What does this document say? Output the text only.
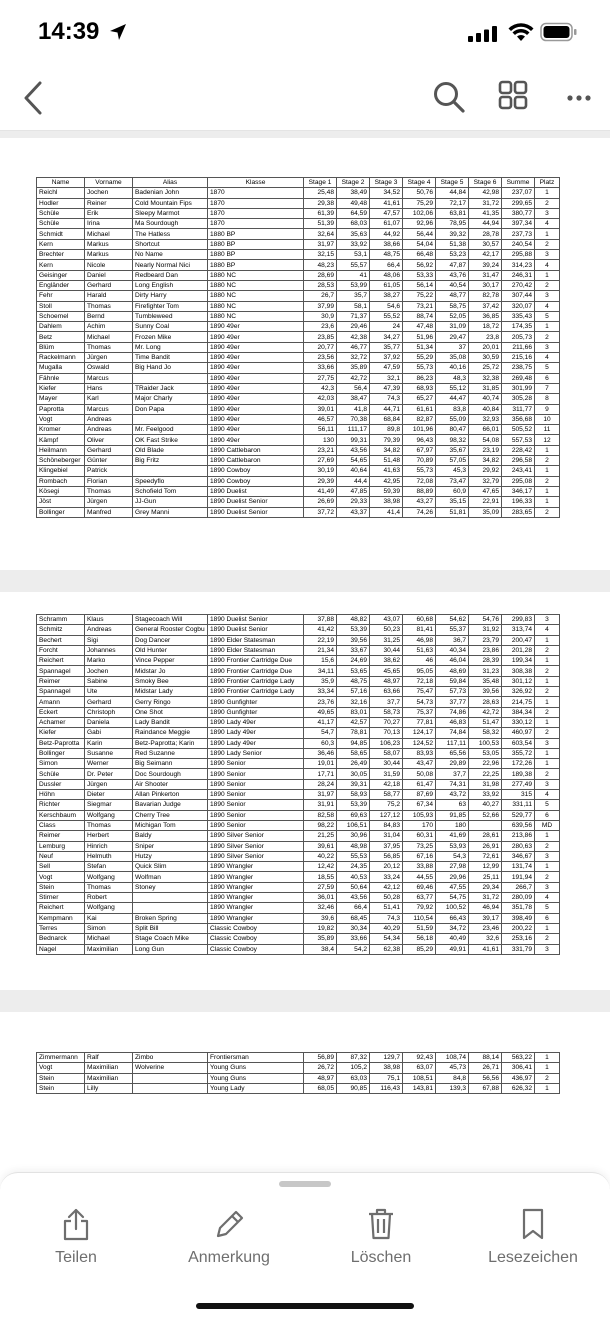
14:39
Name	Vorname	Alias	Klasse	Stage 1	Stage 2	Stage 3	Stage 4	Stage 5	Stage 6	Summe	Platz
Reichl	Jochen	Badenian John	1870	25,48	38,49	34,52	50,76	44,84	42,98	237,07	1
Hodler	Reiner	Cold Mountain Fips	1870	29,38	49,48	41,61	75,29	72,17	31,72	299,65	2
Schüle	Erik	Sleepy Marmot	1870	61,39	64,59	47,57	102,06	63,81	41,35	380,77	3
Schüle	Irina	Ma Sourdough	1870	51,39	68,03	61,07	92,96	78,95	44,94	397,34	4
Schmidt	Michael	The Hatless	1880 BP	32,64	35,63	44,92	56,44	39,32	28,78	237,73	1
Kern	Markus	Shortcut	1880 BP	31,97	33,92	38,66	54,04	51,38	30,57	240,54	2
Brechter	Markus	No Name	1880 BP	32,15	53,1	48,75	66,48	53,23	42,17	295,88	3
Kern	Nicole	Nearly Normal Nici	1880 BP	48,23	55,57	66,4	56,92	47,87	39,24	314,23	4
Geisinger	Daniel	Redbeard Dan	1880 NC	28,69	41	48,06	53,33	43,76	31,47	246,31	1
Engländer	Gerhard	Long English	1880 NC	28,53	53,99	61,05	56,14	40,54	30,17	270,42	2
Fehr	Harald	Dirty Harry	1880 NC	26,7	35,7	38,27	75,22	48,77	82,78	307,44	3
Stoll	Thomas	Firefighter Tom	1880 NC	37,99	58,1	54,6	73,21	58,75	37,42	320,07	4
Schoemel	Bernd	Tumbleweed	1880 NC	30,9	71,37	55,52	88,74	52,05	36,85	335,43	5
Dahlem	Achim	Sunny Coal	1890 49er	23,6	29,46	24	47,48	31,09	18,72	174,35	1
Betz	Michael	Frozen Mike	1890 49er	23,85	42,38	34,27	51,96	29,47	23,8	205,73	2
Blüm	Thomas	Mr. Long	1890 49er	20,77	46,77	35,77	51,34	37	20,01	211,66	3
Rackelmann	Jürgen	Time Bandit	1890 49er	23,56	32,72	37,92	55,29	35,08	30,59	215,16	4
Mugalla	Oswald	Big Hand Jo	1890 49er	33,66	35,89	47,59	55,73	40,16	25,72	238,75	5
Fähnle	Marcus		1890 49er	27,75	42,72	32,1	86,23	48,3	32,38	269,48	6
Kiefer	Hans	TRaider Jack	1890 49er	42,3	56,4	47,39	68,93	55,12	31,85	301,99	7
Mayer	Karl	Major Charly	1890 49er	42,03	38,47	74,3	65,27	44,47	40,74	305,28	8
Paprotta	Marcus	Don Papa	1890 49er	39,01	41,8	44,71	61,61	83,8	40,84	311,77	9
Vogt	Andreas		1890 49er	46,57	70,38	68,84	82,87	55,09	32,93	356,68	10
Kromer	Andreas	Mr. Feelgood	1890 49er	56,11	111,17	89,8	101,96	80,47	66,01	505,52	11
Kämpf	Oliver	OK Fast Strike	1890 49er	130	99,31	79,39	96,43	98,32	54,08	557,53	12
Heilmann	Gerhard	Old Blade	1890 Cattlebaron	23,21	43,56	34,82	67,97	35,67	23,19	228,42	1
Schöneberger	Günter	Big Fritz	1890 Cattlebaron	27,69	54,65	51,48	70,89	57,05	34,82	296,58	2
Klingebiel	Patrick		1890 Cowboy	30,19	40,64	41,63	55,73	45,3	29,92	243,41	1
Rombach	Florian	Speedyflo	1890 Cowboy	29,39	44,4	42,95	72,08	73,47	32,79	295,08	2
Kösegi	Thomas	Schofield Tom	1890 Duelist	41,49	47,85	59,39	88,89	60,9	47,65	346,17	1
Jöst	Jürgen	JJ-Gun	1890 Duelist Senior	26,69	29,33	38,98	43,27	35,15	22,91	196,33	1
Bollinger	Manfred	Grey Manni	1890 Duelist Senior	37,72	43,37	41,4	74,26	51,81	35,09	283,65	2
Schramm	Klaus	Stagecoach Will	1890 Duelist Senior	37,88	48,82	43,07	60,68	54,62	54,76	299,83	3
Schmitz	Andreas	General Rooster Cogbu	1890 Duelist Senior	41,42	53,39	50,23	81,41	55,37	31,92	313,74	4
Bechert	Sigi	Dog Dancer	1890 Elder Statesman	22,19	39,56	31,25	46,98	36,7	23,79	200,47	1
Forcht	Johannes	Old Hunter	1890 Elder Statesman	21,34	33,67	30,44	51,63	40,34	23,86	201,28	2
Reichert	Marko	Vince Pepper	1890 Frontier Cartridge Due	15,6	24,69	38,62	46	46,04	28,39	199,34	1
Spannagel	Jochen	Midstar Jo	1890 Frontier Cartridge Due	34,11	53,65	45,65	95,05	48,69	31,23	308,38	2
Reimer	Sabine	Smoky Bee	1890 Frontier Cartridge Lady	35,9	48,75	48,97	72,18	59,84	35,48	301,12	1
Spannagel	Ute	Midstar Lady	1890 Frontier Cartridge Lady	33,34	57,16	63,66	75,47	57,73	39,56	326,92	2
Amann	Gerhard	Gerry Ringo	1890 Gunfighter	23,76	32,16	37,7	54,73	37,77	28,63	214,75	1
Eckert	Christoph	One Shot	1890 Gunfighter	49,65	83,01	58,73	75,37	74,86	42,72	384,34	2
Achamer	Daniela	Lady Bandit	1890 Lady 49er	41,17	42,57	70,27	77,81	46,83	51,47	330,12	1
Kiefer	Gabi	Raindance Meggie	1890 Lady 49er	54,7	78,81	70,13	124,17	74,84	58,32	460,97	2
Betz-Paprotta	Karin	Betz-Paprotta; Karin	1890 Lady 49er	60,3	94,85	106,23	124,52	117,11	100,53	603,54	3
Bollinger	Susanne	Red Suzanne	1890 Lady Senior	36,46	58,65	58,07	83,93	65,56	53,05	355,72	1
Simon	Werner	Big Seimann	1890 Senior	19,01	26,49	30,44	43,47	29,89	22,96	172,26	1
Schüle	Dr. Peter	Doc Sourdough	1890 Senior	17,71	30,05	31,59	50,08	37,7	22,25	189,38	2
Dussler	Jürgen	Air Shooter	1890 Senior	28,24	39,31	42,18	61,47	74,31	31,98	277,49	3
Höhn	Dieter	Allan Pinkerton	1890 Senior	31,97	58,93	58,77	87,69	43,72	33,92	315	4
Richter	Siegmar	Bavarian Judge	1890 Senior	31,91	53,39	75,2	67,34	63	40,27	331,11	5
Kerschbaum	Wolfgang	Cherry Tree	1890 Senior	82,58	69,63	127,12	105,93	91,85	52,66	529,77	6
Class	Thomas	Michigan Tom	1890 Senior	98,22	106,51	84,83	170	180		639,56	MD
Reimer	Herbert	Baldy	1890 Silver Senior	21,25	30,96	31,04	60,31	41,69	28,61	213,86	1
Lemburg	Hinrich	Sniper	1890 Silver Senior	39,61	48,98	37,95	73,25	53,93	26,91	280,63	2
Neuf	Helmuth	Hutzy	1890 Silver Senior	40,22	55,53	56,85	67,16	54,3	72,61	346,67	3
Sell	Stefan	Quick Slim	1890 Wrangler	12,42	24,35	20,12	33,88	27,98	12,99	131,74	1
Vogt	Wolfgang	Wolfman	1890 Wrangler	18,55	40,53	33,24	44,55	29,96	25,11	191,94	2
Stein	Thomas	Stoney	1890 Wrangler	27,59	50,64	42,12	69,46	47,55	29,34	266,7	3
Stirner	Robert		1890 Wrangler	36,01	43,56	50,28	63,77	54,75	31,72	280,09	4
Reichert	Wolfgang		1890 Wrangler	32,46	66,4	51,41	79,92	100,52	46,94	351,78	5
Kempmann	Kai	Broken Spring	1890 Wrangler	39,6	68,45	74,3	110,54	66,43	39,17	398,49	6
Terres	Simon	Split Bill	Classic Cowboy	19,82	30,34	40,29	51,59	34,72	23,46	200,22	1
Bednarck	Michael	Stage Coach Mike	Classic Cowboy	35,89	33,66	54,34	56,18	40,49	32,6	253,16	2
Nagel	Maximilian	Long Gun	Classic Cowboy	38,4	54,2	62,38	85,29	49,91	41,61	331,79	3
Zimmermann	Ralf	Zimbo	Frontiersman	56,89	87,32	129,7	92,43	108,74	88,14	563,22	1
Vogt	Maximilian	Wolverine	Young Guns	26,72	105,2	38,98	63,07	45,73	26,71	306,41	1
Stein	Maximilian		Young Guns	48,97	63,03	75,1	108,51	84,8	56,56	436,97	2
Stein	Lilly		Young Lady	68,05	90,85	116,43	143,81	139,3	67,88	626,32	1
Teilen	Anmerkung	Löschen	Lesezeichen
